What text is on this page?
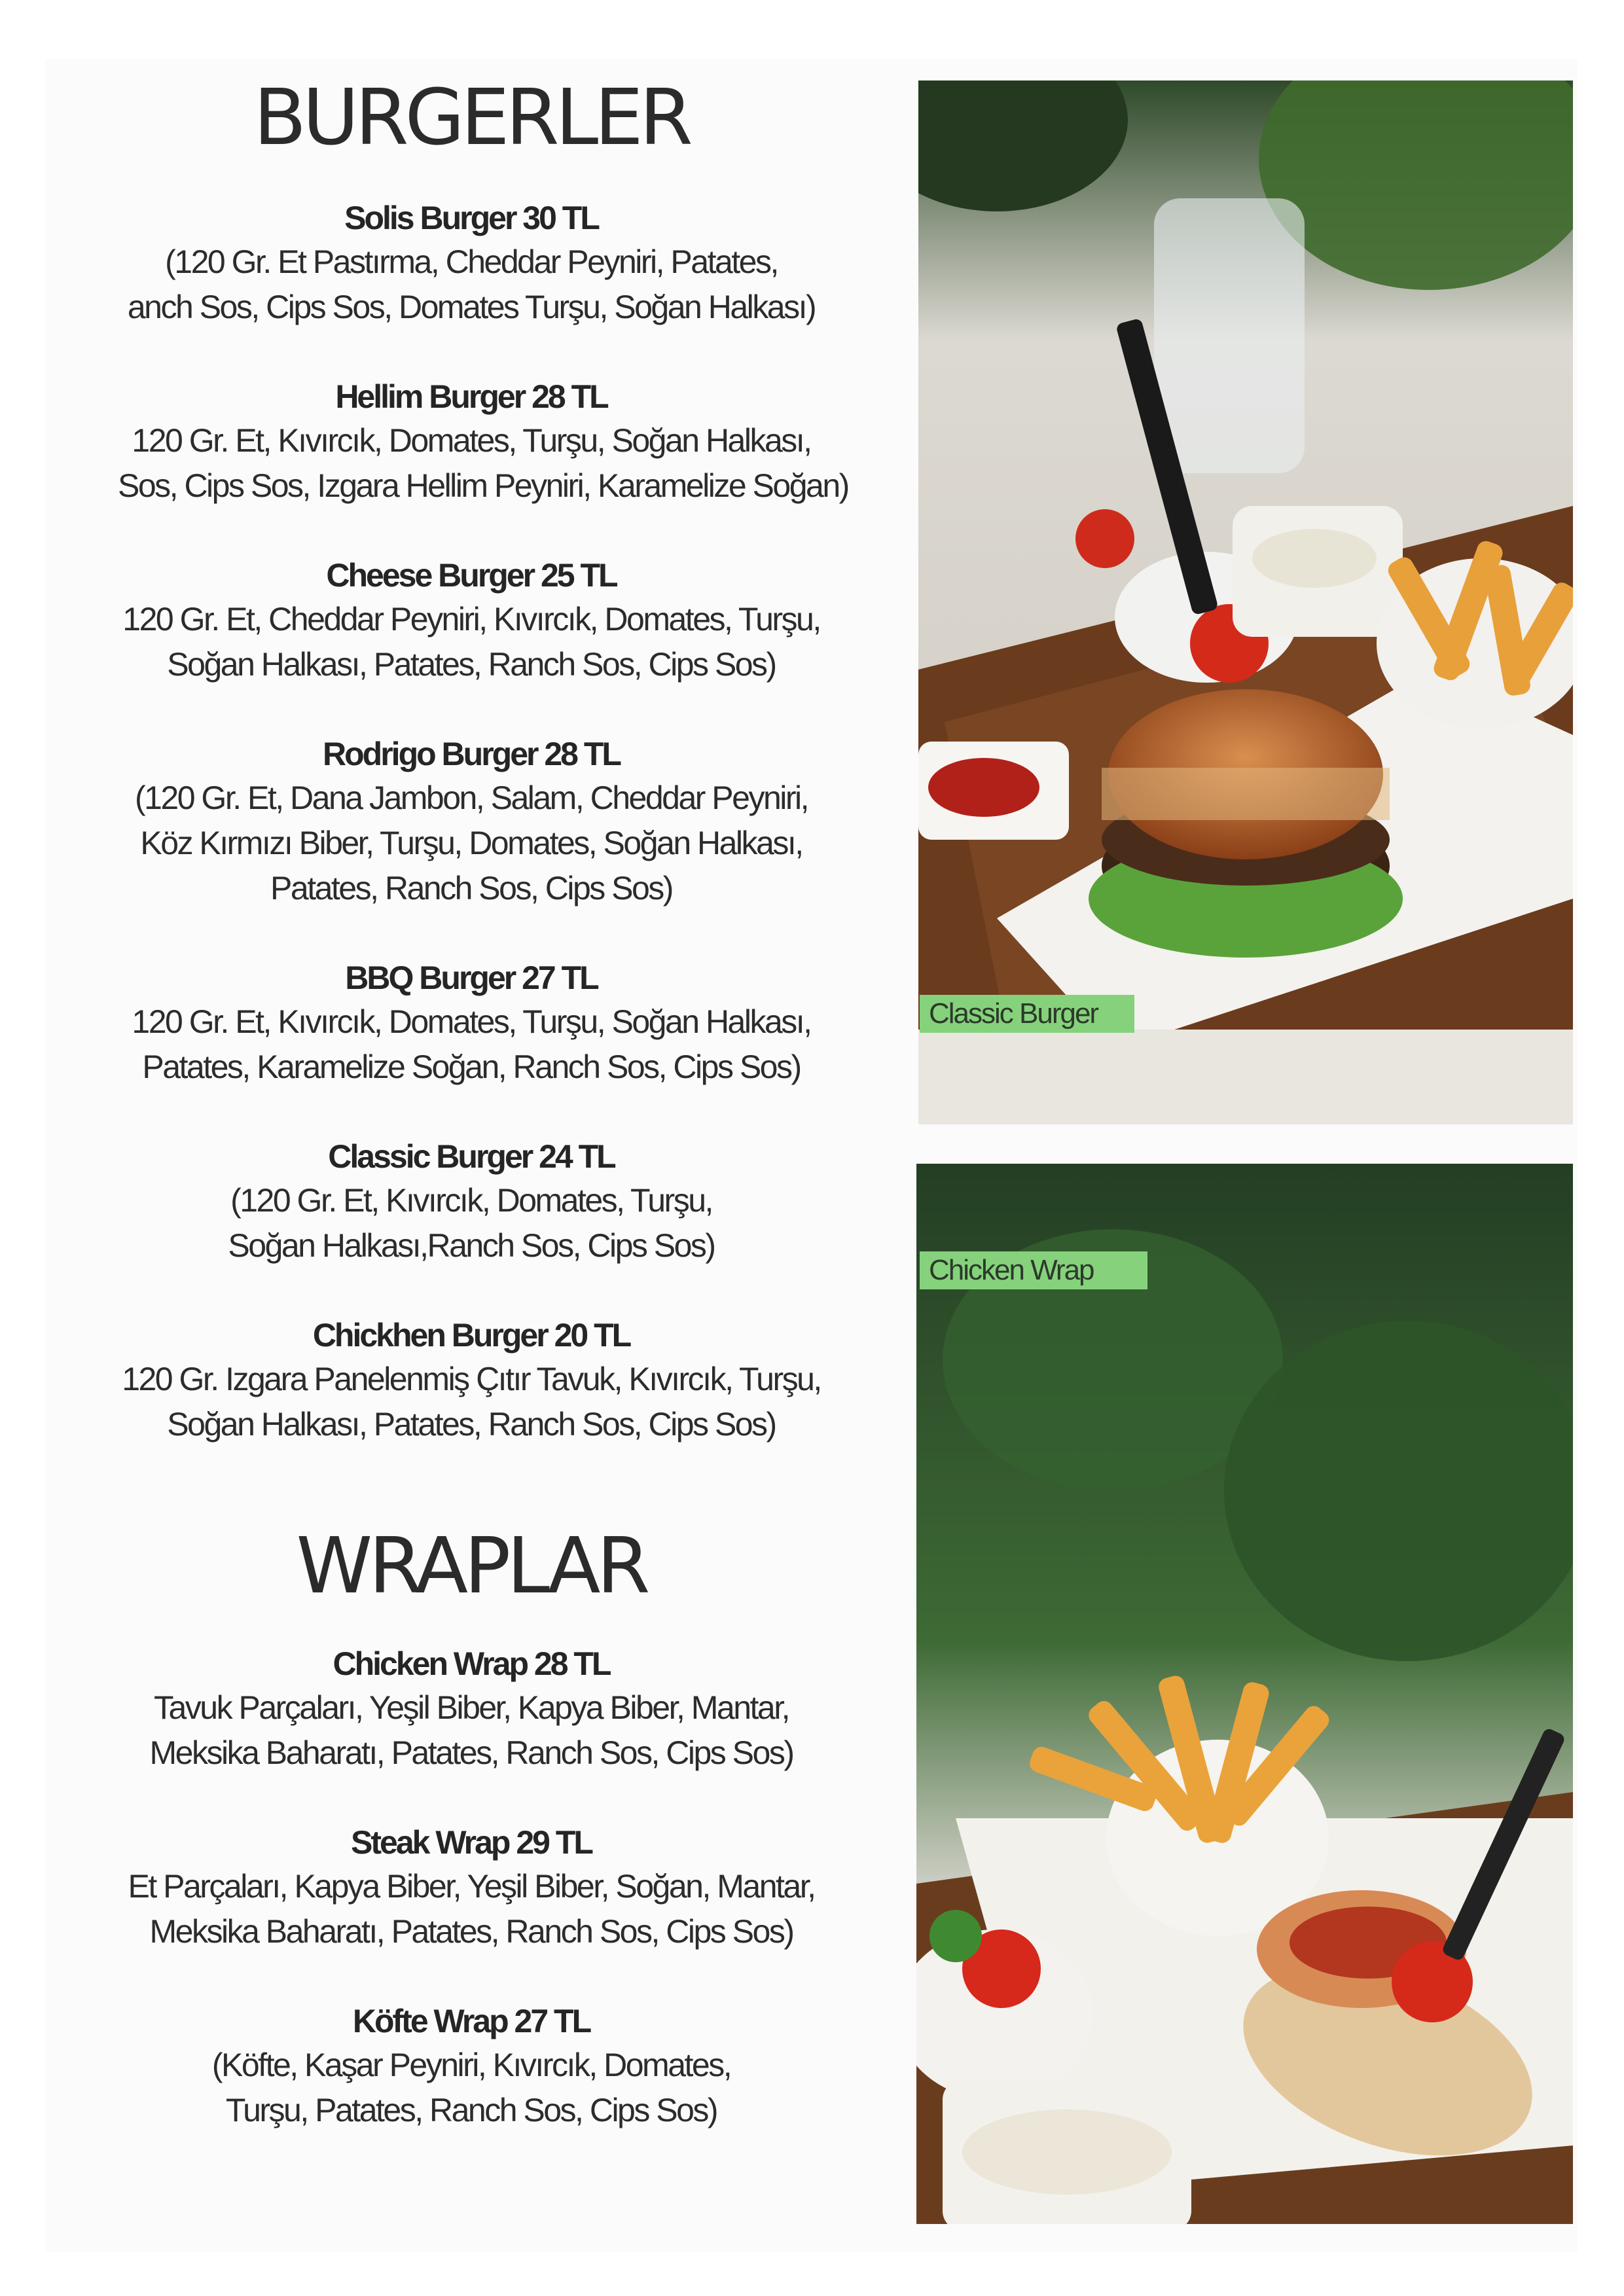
BURGERLER
Solis Burger 30 TL
(120 Gr. Et Pastırma, Cheddar Peyniri, Patates,
anch Sos, Cips Sos, Domates Turşu, Soğan Halkası)
Hellim Burger 28 TL
120 Gr. Et, Kıvırcık, Domates, Turşu, Soğan Halkası,
Sos, Cips Sos, Izgara Hellim Peyniri, Karamelize Soğan)
Cheese Burger 25 TL
120 Gr. Et, Cheddar Peyniri, Kıvırcık, Domates, Turşu,
Soğan Halkası, Patates, Ranch Sos, Cips Sos)
Rodrigo Burger 28 TL
(120 Gr. Et, Dana Jambon, Salam, Cheddar Peyniri,
Köz Kırmızı Biber, Turşu, Domates, Soğan Halkası,
Patates, Ranch Sos, Cips Sos)
BBQ Burger 27 TL
120 Gr. Et, Kıvırcık, Domates, Turşu, Soğan Halkası,
Patates, Karamelize Soğan, Ranch Sos, Cips Sos)
Classic Burger 24 TL
(120 Gr. Et, Kıvırcık, Domates, Turşu,
Soğan Halkası,Ranch Sos, Cips Sos)
Chickhen Burger 20 TL
120 Gr. Izgara Panelenmiş Çıtır Tavuk, Kıvırcık, Turşu,
Soğan Halkası, Patates, Ranch Sos, Cips Sos)
WRAPLAR
Chicken Wrap 28 TL
Tavuk Parçaları, Yeşil Biber, Kapya Biber, Mantar,
Meksika Baharatı, Patates, Ranch Sos, Cips Sos)
Steak Wrap 29 TL
Et Parçaları, Kapya Biber, Yeşil Biber, Soğan, Mantar,
Meksika Baharatı, Patates, Ranch Sos, Cips Sos)
Köfte Wrap 27 TL
(Köfte, Kaşar Peyniri, Kıvırcık, Domates,
Turşu, Patates, Ranch Sos, Cips Sos)
Classic Burger
Chicken Wrap
